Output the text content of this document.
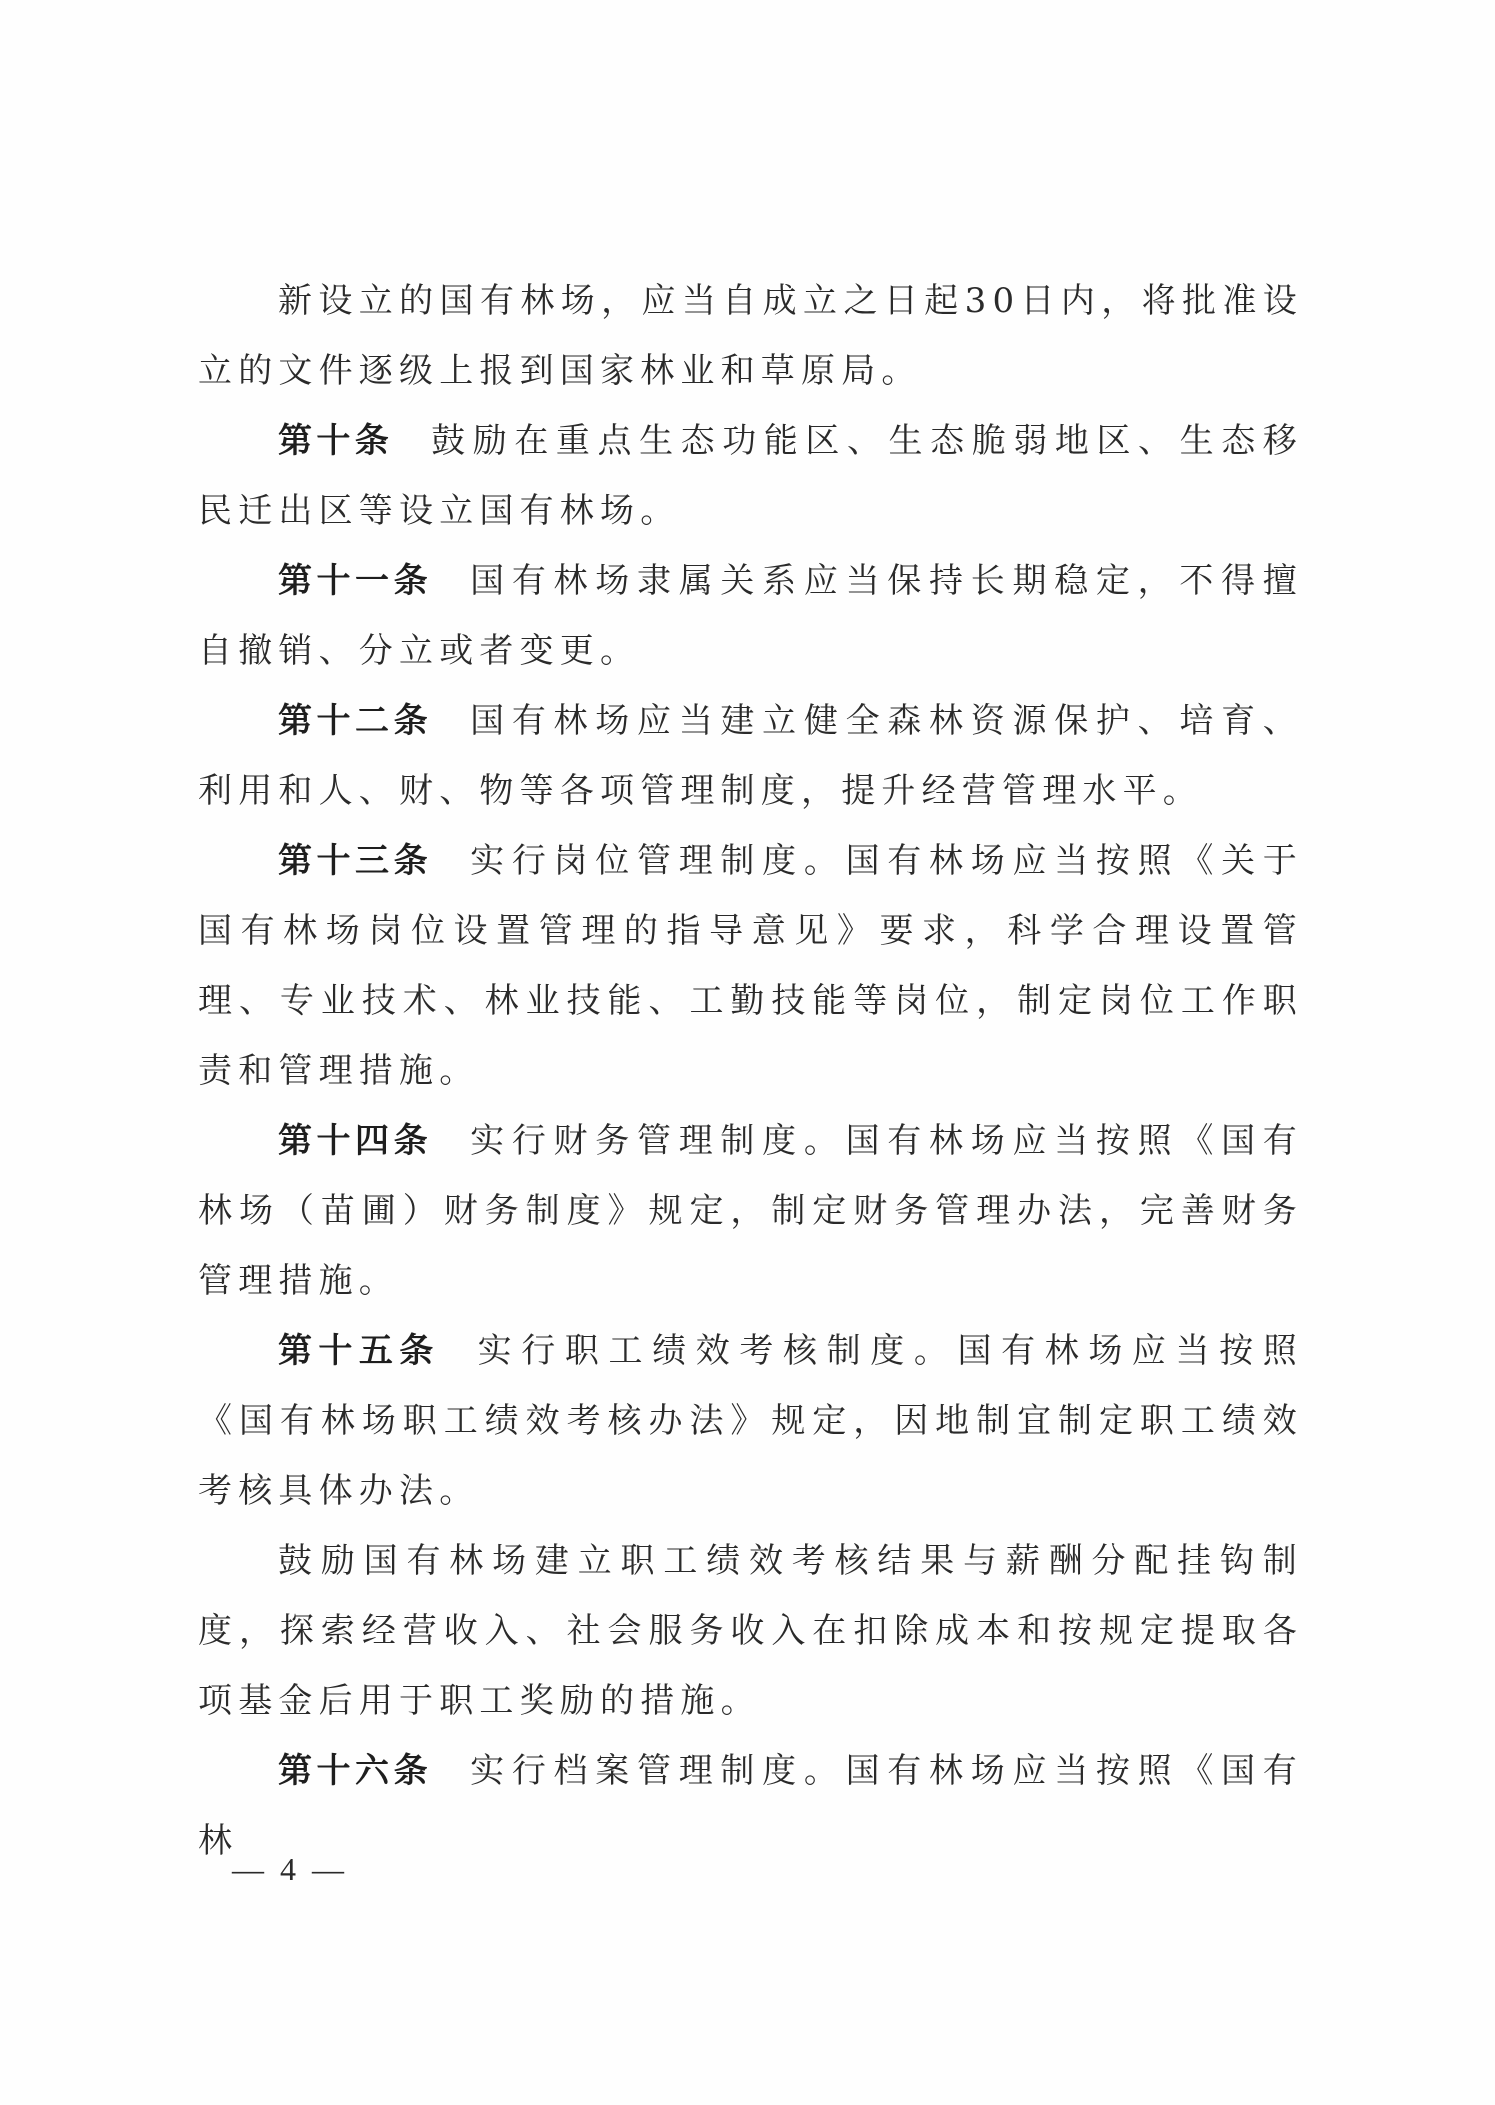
新设立的国有林场，应当自成立之日起30日内，将批准设立的文件逐级上报到国家林业和草原局。

第十条 鼓励在重点生态功能区、生态脆弱地区、生态移民迁出区等设立国有林场。

第十一条 国有林场隶属关系应当保持长期稳定，不得擅自撤销、分立或者变更。

第十二条 国有林场应当建立健全森林资源保护、培育、利用和人、财、物等各项管理制度，提升经营管理水平。

第十三条 实行岗位管理制度。国有林场应当按照《关于国有林场岗位设置管理的指导意见》要求，科学合理设置管理、专业技术、林业技能、工勤技能等岗位，制定岗位工作职责和管理措施。

第十四条 实行财务管理制度。国有林场应当按照《国有林场（苗圃）财务制度》规定，制定财务管理办法，完善财务管理措施。

第十五条 实行职工绩效考核制度。国有林场应当按照《国有林场职工绩效考核办法》规定，因地制宜制定职工绩效考核具体办法。

鼓励国有林场建立职工绩效考核结果与薪酬分配挂钩制度，探索经营收入、社会服务收入在扣除成本和按规定提取各项基金后用于职工奖励的措施。

第十六条 实行档案管理制度。国有林场应当按照《国有林

— 4 —
